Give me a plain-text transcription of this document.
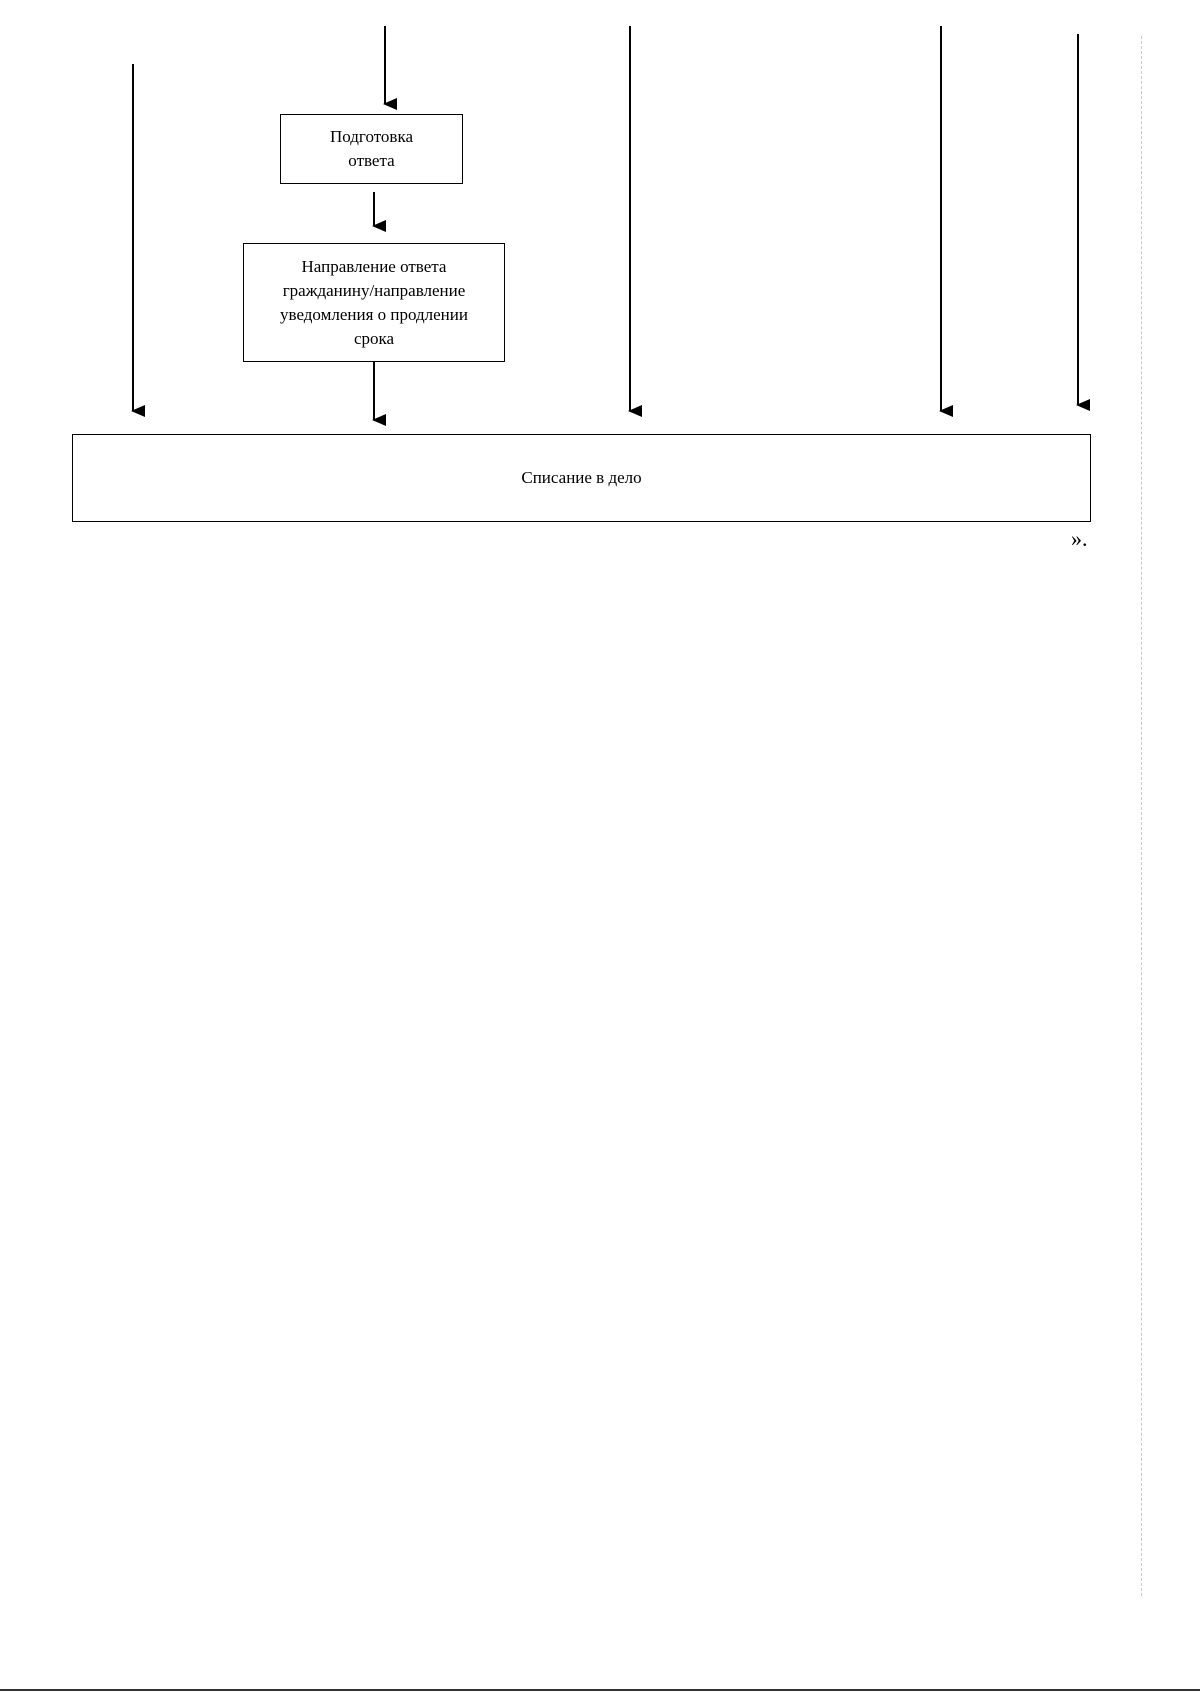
Подготовка
ответа
Направление ответа
гражданину/направление
уведомления о продлении
срока
Списание в дело
».
